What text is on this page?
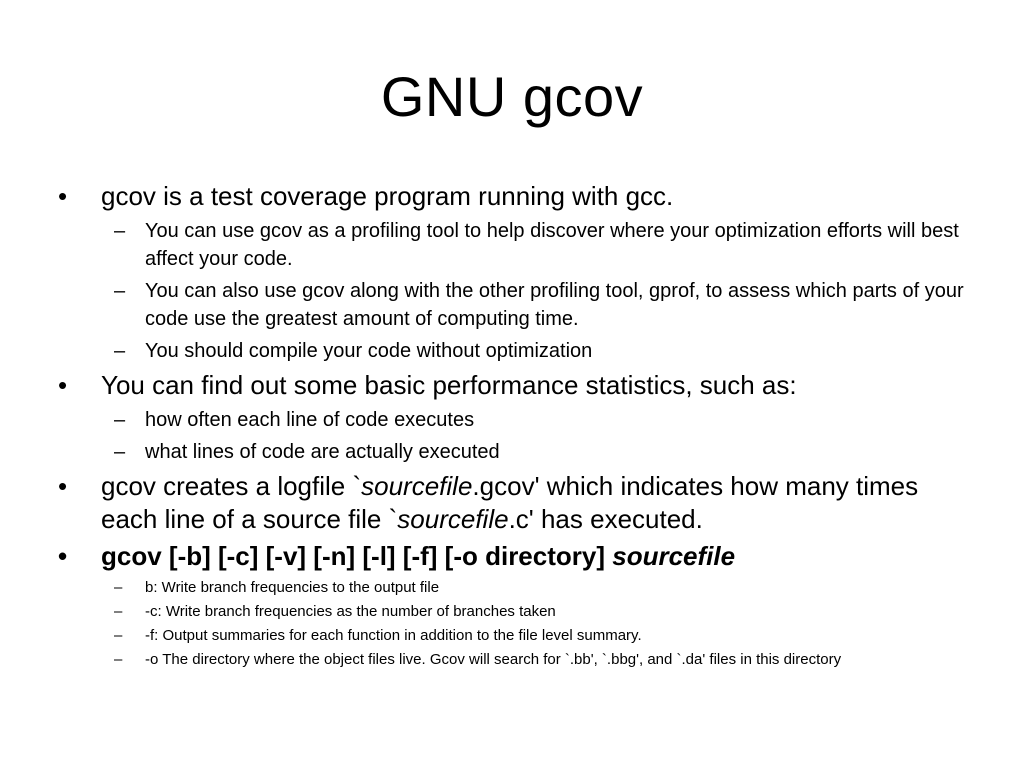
GNU gcov
• gcov is a test coverage program running with gcc.
– You can use gcov as a profiling tool to help discover where your optimization efforts will best affect your code.
– You can also use gcov along with the other profiling tool, gprof, to assess which parts of your code use the greatest amount of computing time.
– You should compile your code without optimization
• You can find out some basic performance statistics, such as:
– how often each line of code executes
– what lines of code are actually executed
• gcov creates a logfile `sourcefile.gcov' which indicates how many times each line of a source file `sourcefile.c' has executed.
• gcov [-b] [-c] [-v] [-n] [-l] [-f] [-o directory] sourcefile
– b: Write branch frequencies to the output file
– -c: Write branch frequencies as the number of branches taken
– -f: Output summaries for each function in addition to the file level summary.
– -o The directory where the object files live. Gcov will search for `.bb', `.bbg', and `.da' files in this directory
